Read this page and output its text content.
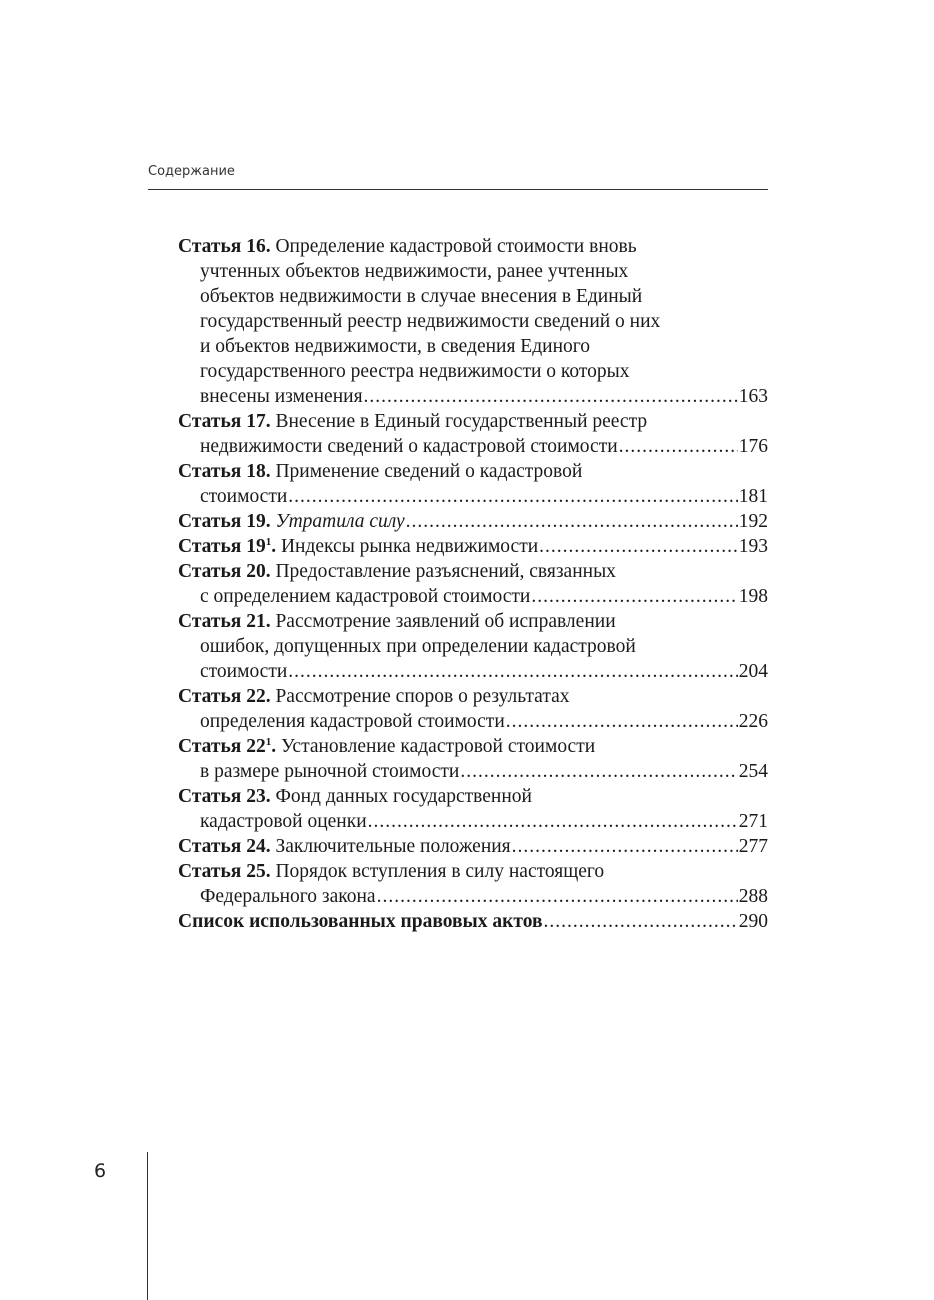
Содержание
Статья 16. Определение кадастровой стоимости вновь
учтенных объектов недвижимости, ранее учтенных
объектов недвижимости в случае внесения в Единый
государственный реестр недвижимости сведений о них
и объектов недвижимости, в сведения Единого
государственного реестра недвижимости о которых
внесены изменения .....	163
Статья 17. Внесение в Единый государственный реестр
недвижимости сведений о кадастровой стоимости .....	176
Статья 18. Применение сведений о кадастровой
стоимости .....	181
Статья 19. Утратила силу .....	192
Статья $19^1$. Индексы рынка недвижимости .....	193
Статья 20. Предоставление разъяснений, связанных
с определением кадастровой стоимости .....	198
Статья 21. Рассмотрение заявлений об исправлении
ошибок, допущенных при определении кадастровой
стоимости .....	204
Статья 22. Рассмотрение споров о результатах
определения кадастровой стоимости .....	226
Статья $22^1$. Установление кадастровой стоимости
в размере рыночной стоимости .....	254
Статья 23. Фонд данных государственной
кадастровой оценки .....	271
Статья 24. Заключительные положения .....	277
Статья 25. Порядок вступления в силу настоящего
Федерального закона .....	288
Список использованных правовых актов .....	290
6
